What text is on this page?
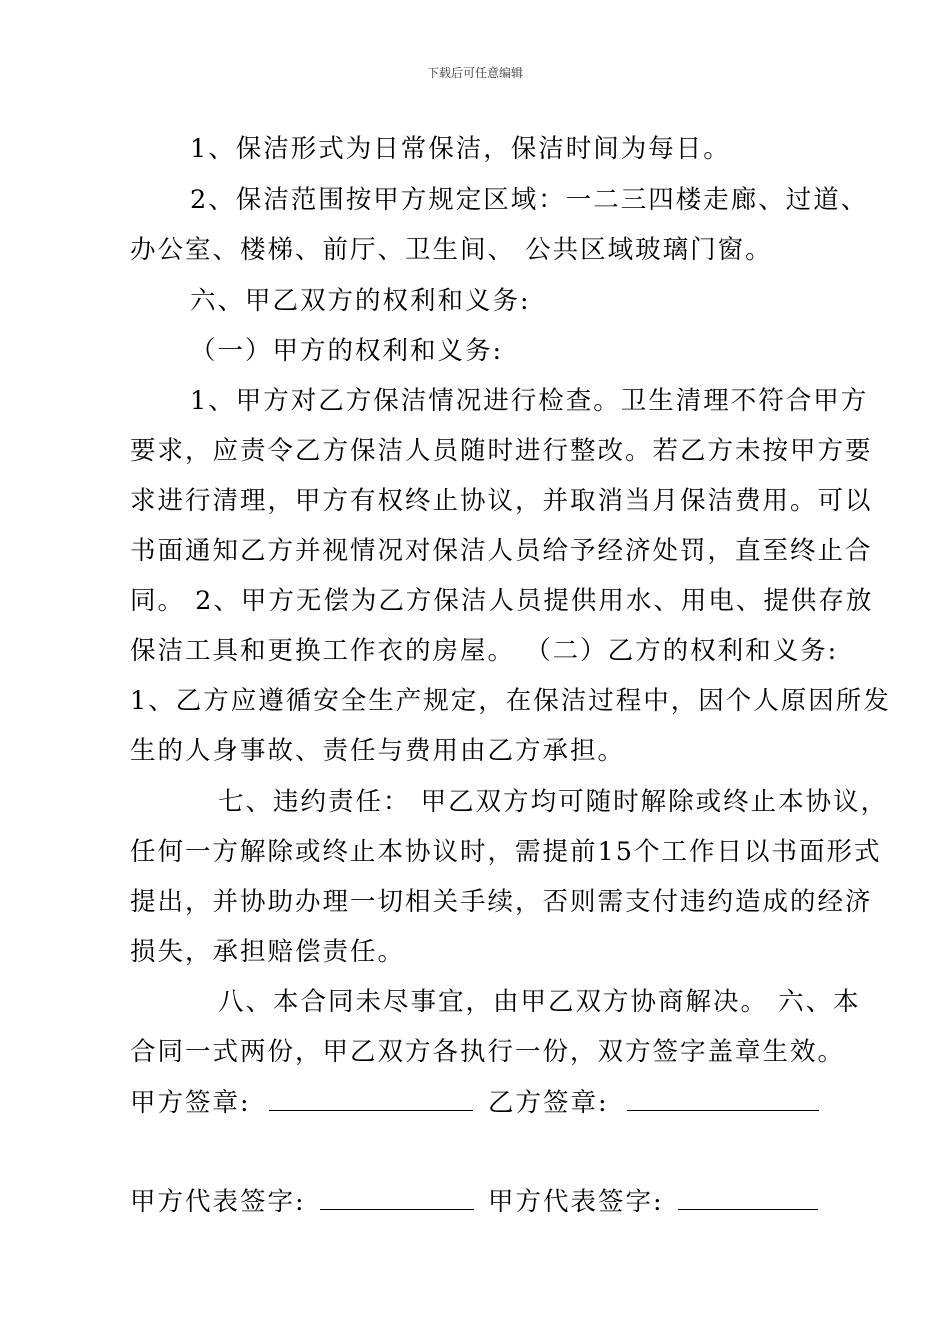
下载后可任意编辑
1、保洁形式为日常保洁，保洁时间为每日。
2、保洁范围按甲方规定区域：一二三四楼走廊、过道、
办公室、楼梯、前厅、卫生间、 公共区域玻璃门窗。
六、甲乙双方的权利和义务:
（一）甲方的权利和义务:
1、甲方对乙方保洁情况进行检查。卫生清理不符合甲方
要求，应责令乙方保洁人员随时进行整改。若乙方未按甲方要
求进行清理，甲方有权终止协议，并取消当月保洁费用。可以
书面通知乙方并视情况对保洁人员给予经济处罚，直至终止合
同。 2、甲方无偿为乙方保洁人员提供用水、用电、提供存放
保洁工具和更换工作衣的房屋。 （二）乙方的权利和义务:
1、乙方应遵循安全生产规定，在保洁过程中，因个人原因所发
生的人身事故、责任与费用由乙方承担。
七、违约责任： 甲乙双方均可随时解除或终止本协议，
任何一方解除或终止本协议时，需提前15个工作日以书面形式
提出，并协助办理一切相关手续，否则需支付违约造成的经济
损失，承担赔偿责任。
八、本合同未尽事宜，由甲乙双方协商解决。 六、本
合同一式两份，甲乙双方各执行一份，双方签字盖章生效。
甲方签章:	乙方签章:
甲方代表签字:	甲方代表签字:
